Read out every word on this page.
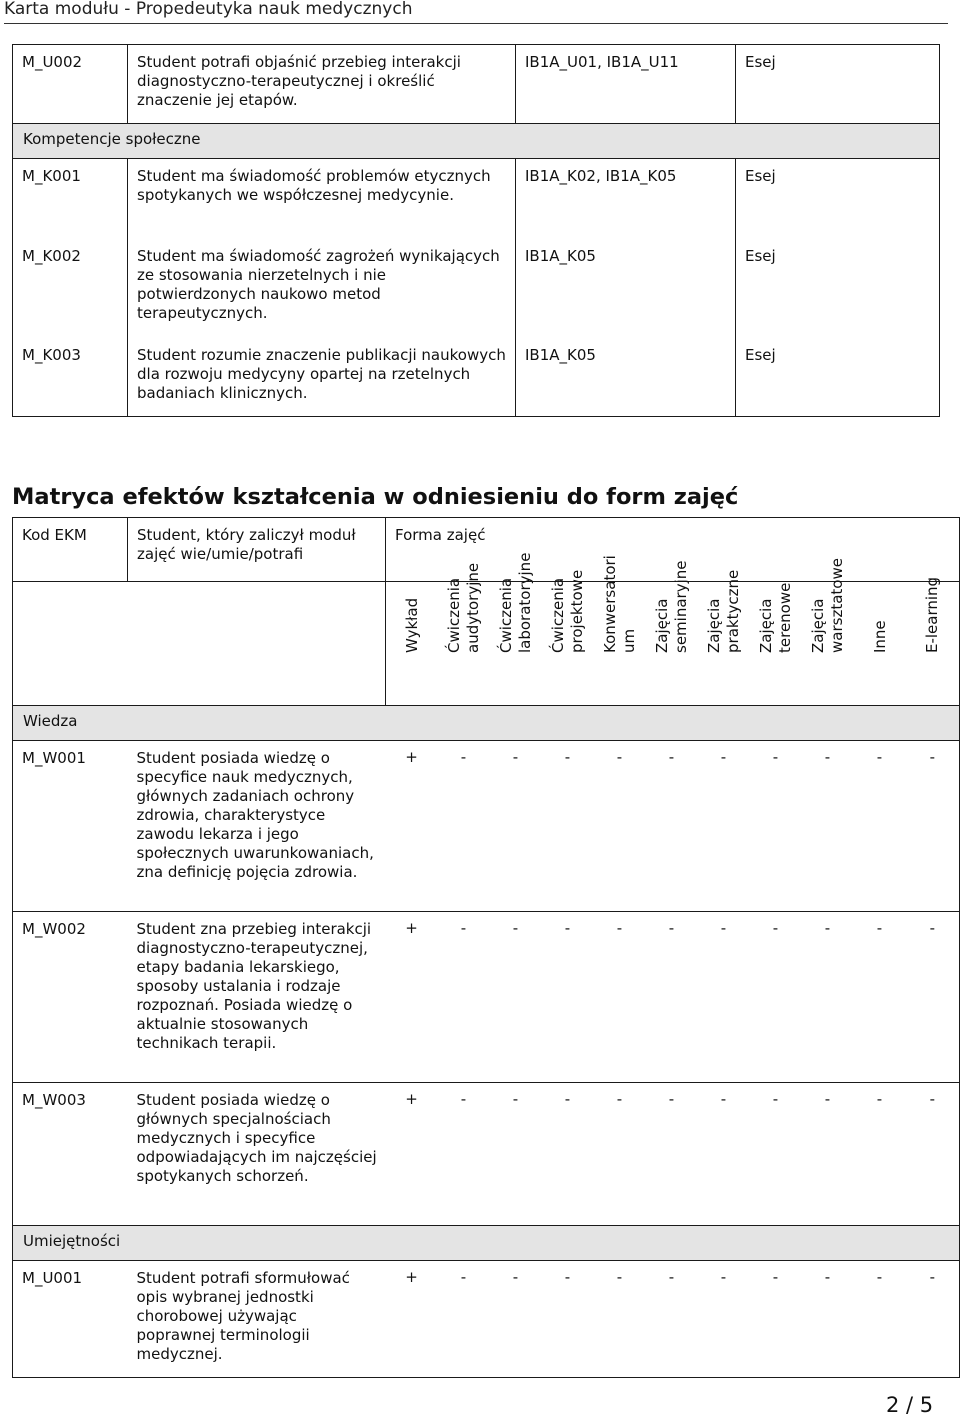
Karta modułu - Propedeutyka nauk medycznych
M_U002	Student potrafi objaśnić przebieg interakcji diagnostyczno-terapeutycznej i określić znaczenie jej etapów.	IB1A_U01, IB1A_U11	Esej
Kompetencje społeczne			
M_K001	Student ma świadomość problemów etycznych spotykanych we współczesnej medycynie.	IB1A_K02, IB1A_K05	Esej
M_K002	Student ma świadomość zagrożeń wynikających ze stosowania nierzetelnych i nie potwierdzonych naukowo metod terapeutycznych.	IB1A_K05	Esej
M_K003	Student rozumie znaczenie publikacji naukowych dla rozwoju medycyny opartej na rzetelnych badaniach klinicznych.	IB1A_K05	Esej
Matryca efektów kształcenia w odniesieniu do form zajęć
Kod EKM	Student, który zaliczył moduł zajęć wie/umie/potrafi	Forma zajęć										

		Wykład	Ćwiczenia audytoryjne	Ćwiczenia laboratoryjne	Ćwiczenia projektowe	Konwersatori um	Zajęcia seminaryjne	Zajęcia praktyczne	Zajęcia terenowe	Zajęcia warsztatowe	Inne	E-learning

Wiedza												
M_W001	Student posiada wiedzę o specyfice nauk medycznych, głównych zadaniach ochrony zdrowia, charakterystyce zawodu lekarza i jego społecznych uwarunkowaniach, zna definicję pojęcia zdrowia.	+	-	-	-	-	-	-	-	-	-	-
M_W002	Student zna przebieg interakcji diagnostyczno-terapeutycznej, etapy badania lekarskiego, sposoby ustalania i rodzaje rozpoznań. Posiada wiedzę o aktualnie stosowanych technikach terapii.	+	-	-	-	-	-	-	-	-	-	-
M_W003	Student posiada wiedzę o głównych specjalnościach medycznych i specyfice odpowiadających im najczęściej spotykanych schorzeń.	+	-	-	-	-	-	-	-	-	-	-
Umiejętności												
M_U001	Student potrafi sformułować opis wybranej jednostki chorobowej używając poprawnej terminologii medycznej.	+	-	-	-	-	-	-	-	-	-	-
2 / 5
